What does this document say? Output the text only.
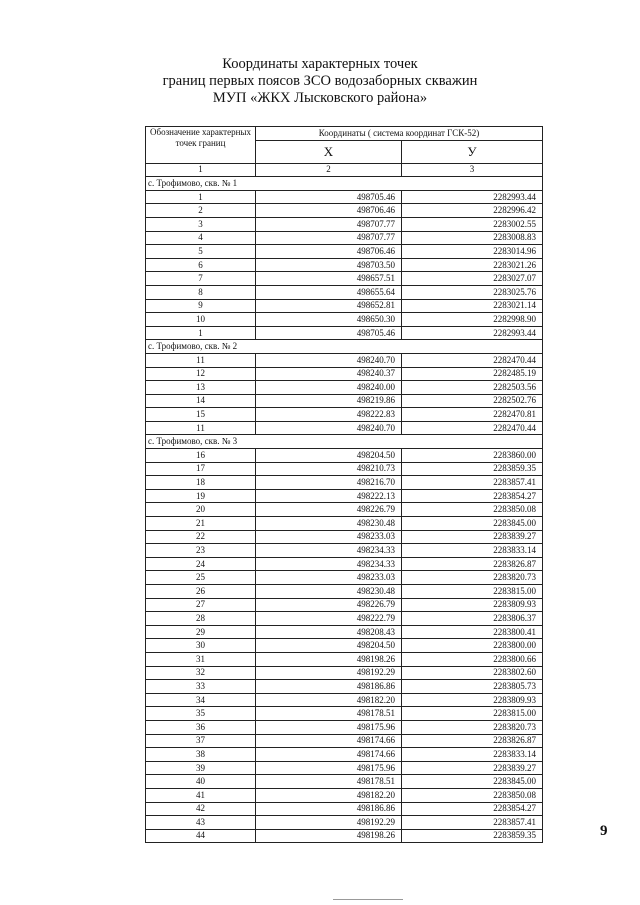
Координаты характерных точек
границ первых поясов ЗСО водозаборных скважин
МУП «ЖКХ Лысковского района»
Обозначение характерных точек границ	Координаты ( система координат ГСК-52)	
	Х	У
1	2	3
с. Трофимово, скв. № 1		
1	498705.46	2282993.44
2	498706.46	2282996.42
3	498707.77	2283002.55
4	498707.77	2283008.83
5	498706.46	2283014.96
6	498703.50	2283021.26
7	498657.51	2283027.07
8	498655.64	2283025.76
9	498652.81	2283021.14
10	498650.30	2282998.90
1	498705.46	2282993.44
с. Трофимово, скв. № 2		
11	498240.70	2282470.44
12	498240.37	2282485.19
13	498240.00	2282503.56
14	498219.86	2282502.76
15	498222.83	2282470.81
11	498240.70	2282470.44
с. Трофимово, скв. № 3		
16	498204.50	2283860.00
17	498210.73	2283859.35
18	498216.70	2283857.41
19	498222.13	2283854.27
20	498226.79	2283850.08
21	498230.48	2283845.00
22	498233.03	2283839.27
23	498234.33	2283833.14
24	498234.33	2283826.87
25	498233.03	2283820.73
26	498230.48	2283815.00
27	498226.79	2283809.93
28	498222.79	2283806.37
29	498208.43	2283800.41
30	498204.50	2283800.00
31	498198.26	2283800.66
32	498192.29	2283802.60
33	498186.86	2283805.73
34	498182.20	2283809.93
35	498178.51	2283815.00
36	498175.96	2283820.73
37	498174.66	2283826.87
38	498174.66	2283833.14
39	498175.96	2283839.27
40	498178.51	2283845.00
41	498182.20	2283850.08
42	498186.86	2283854.27
43	498192.29	2283857.41
44	498198.26	2283859.35	9
